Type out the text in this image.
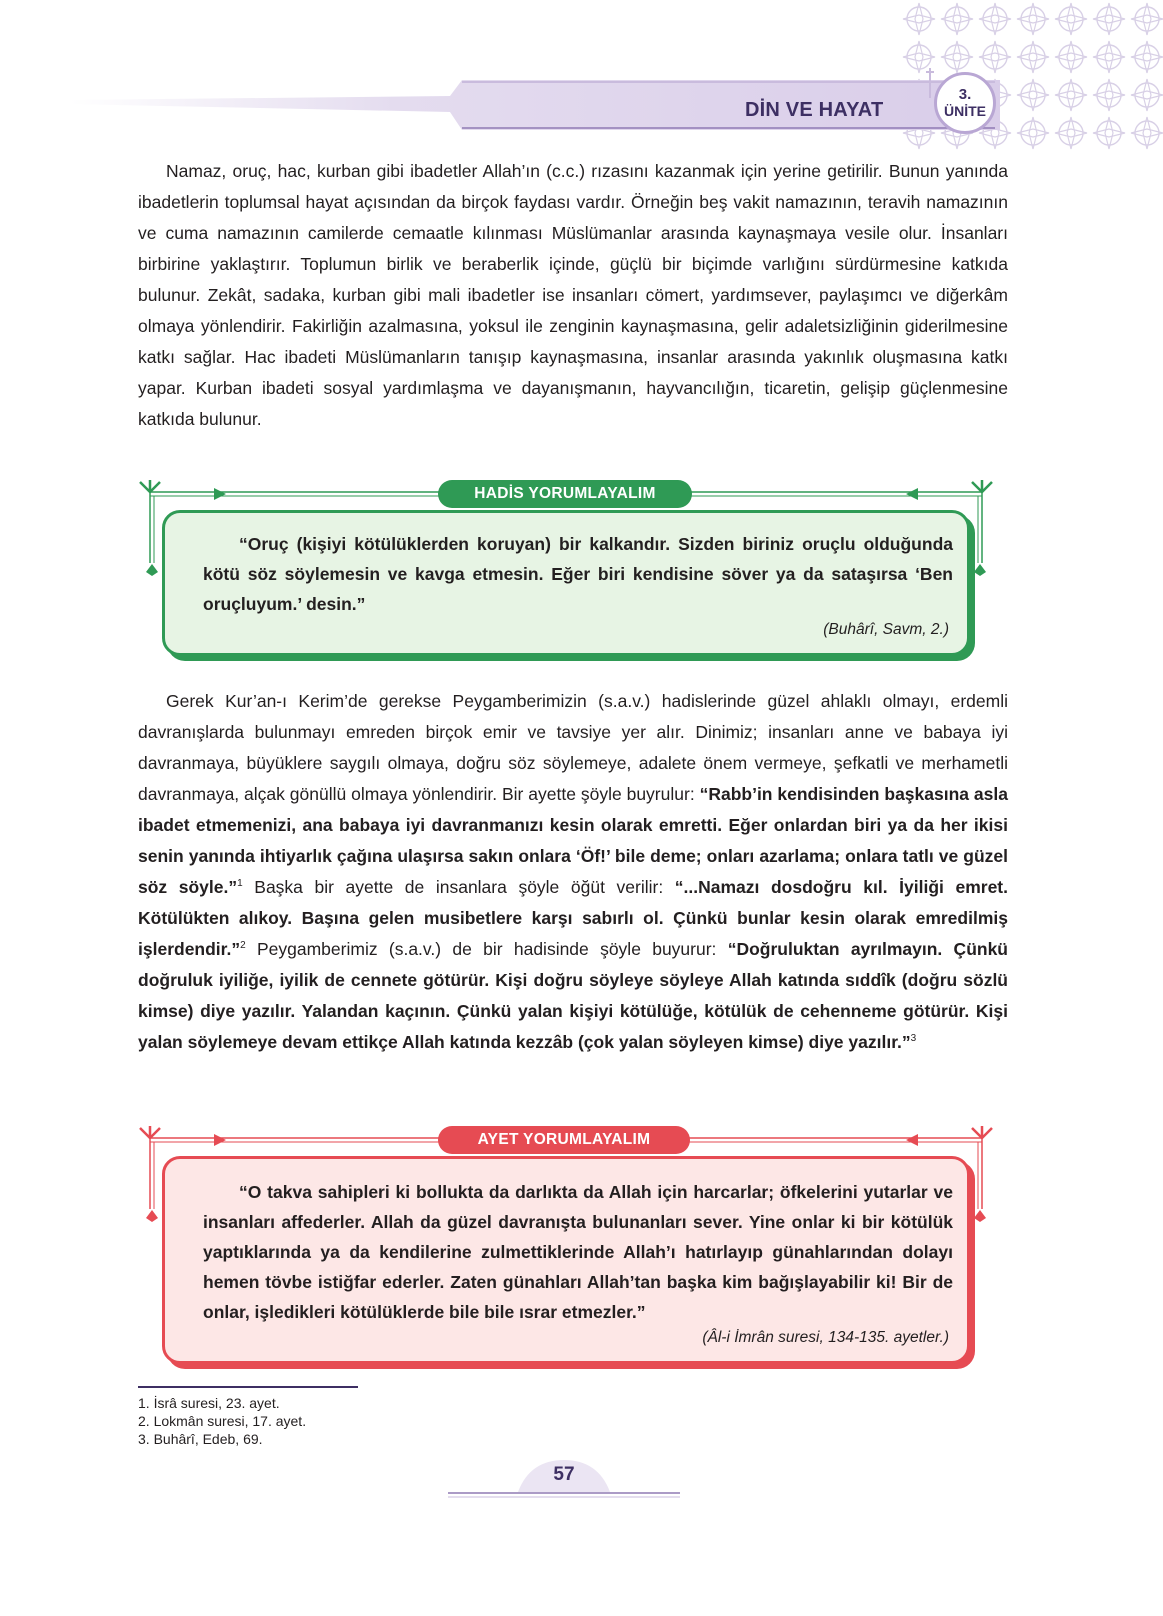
DİN VE HAYAT
3.
ÜNİTE

Namaz, oruç, hac, kurban gibi ibadetler Allah’ın (c.c.) rızasını kazanmak için yerine getirilir. Bunun yanında ibadetlerin toplumsal hayat açısından da birçok faydası vardır. Örneğin beş vakit namazının, teravih namazının ve cuma namazının camilerde cemaatle kılınması Müslümanlar arasında kaynaşmaya vesile olur. İnsanları birbirine yaklaştırır. Toplumun birlik ve beraberlik içinde, güçlü bir biçimde varlığını sürdürmesine katkıda bulunur. Zekât, sadaka, kurban gibi mali ibadetler ise insanları cömert, yardımsever, paylaşımcı ve diğerkâm olmaya yönlendirir. Fakirliğin azalmasına, yoksul ile zenginin kaynaşmasına, gelir adaletsizliğinin giderilmesine katkı sağlar. Hac ibadeti Müslümanların tanışıp kaynaşmasına, insanlar arasında yakınlık oluşmasına katkı yapar. Kurban ibadeti sosyal yardımlaşma ve dayanışmanın, hayvancılığın, ticaretin, gelişip güçlenmesine katkıda bulunur.

HADİS YORUMLAYALIM

“Oruç (kişiyi kötülüklerden koruyan) bir kalkandır. Sizden biriniz oruçlu olduğunda kötü söz söylemesin ve kavga etmesin. Eğer biri kendisine söver ya da sataşırsa ‘Ben oruçluyum.’ desin.”

(Buhârî, Savm, 2.)

Gerek Kur’an-ı Kerim’de gerekse Peygamberimizin (s.a.v.) hadislerinde güzel ahlaklı olmayı, erdemli davranışlarda bulunmayı emreden birçok emir ve tavsiye yer alır. Dinimiz; insanları anne ve babaya iyi davranmaya, büyüklere saygılı olmaya, doğru söz söylemeye, adalete önem vermeye, şefkatli ve merhametli davranmaya, alçak gönüllü olmaya yönlendirir. Bir ayette şöyle buyrulur: “Rabb’in kendisinden başkasına asla ibadet etmemenizi, ana babaya iyi davranmanızı kesin olarak emretti. Eğer onlardan biri ya da her ikisi senin yanında ihtiyarlık çağına ulaşırsa sakın onlara ‘Öf!’ bile deme; onları azarlama; onlara tatlı ve güzel söz söyle.”$^1$ Başka bir ayette de insanlara şöyle öğüt verilir: “...Namazı dosdoğru kıl. İyiliği emret. Kötülükten alıkoy. Başına gelen musibetlere karşı sabırlı ol. Çünkü bunlar kesin olarak emredilmiş işlerdendir.”$^2$ Peygamberimiz (s.a.v.) de bir hadisinde şöyle buyurur: “Doğruluktan ayrılmayın. Çünkü doğruluk iyiliğe, iyilik de cennete götürür. Kişi doğru söyleye söyleye Allah katında sıddîk (doğru sözlü kimse) diye yazılır. Yalandan kaçının. Çünkü yalan kişiyi kötülüğe, kötülük de cehenneme götürür. Kişi yalan söylemeye devam ettikçe Allah katında kezzâb (çok yalan söyleyen kimse) diye yazılır.”$^3$

AYET YORUMLAYALIM

“O takva sahipleri ki bollukta da darlıkta da Allah için harcarlar; öfkelerini yutarlar ve insanları affederler. Allah da güzel davranışta bulunanları sever. Yine onlar ki bir kötülük yaptıklarında ya da kendilerine zulmettiklerinde Allah’ı hatırlayıp günahlarından dolayı hemen tövbe istiğfar ederler. Zaten günahları Allah’tan başka kim bağışlayabilir ki! Bir de onlar, işledikleri kötülüklerde bile bile ısrar etmezler.”

(Âl-i İmrân suresi, 134-135. ayetler.)

1. İsrâ suresi, 23. ayet.
2. Lokmân suresi, 17. ayet.
3. Buhârî, Edeb, 69.
57
